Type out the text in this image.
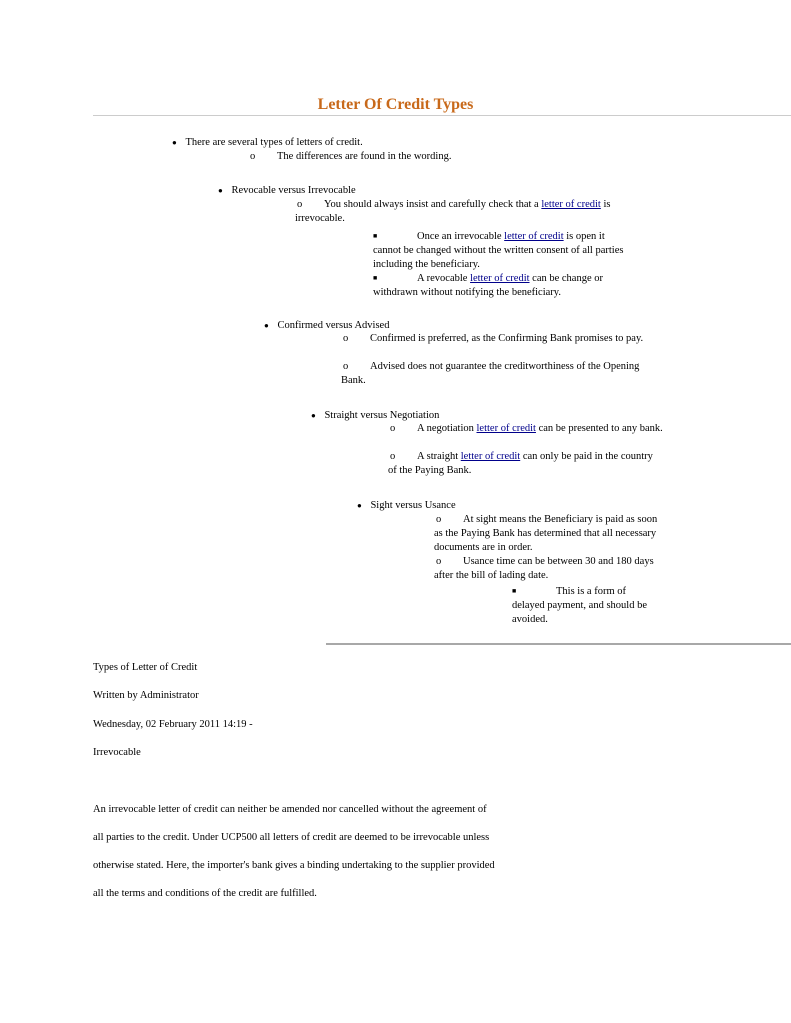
Letter Of Credit Types
● There are several types of letters of credit.
o The differences are found in the wording.
● Revocable versus Irrevocable
o You should always insist and carefully check that a letter of credit is irrevocable.
■	Once an irrevocable letter of credit is open it cannot be changed without the written consent of all parties including the beneficiary.
■	A revocable letter of credit can be change or withdrawn without notifying the beneficiary.
● Confirmed versus Advised
o Confirmed is preferred, as the Confirming Bank promises to pay.
o Advised does not guarantee the creditworthiness of the Opening Bank.
● Straight versus Negotiation
o A negotiation letter of credit can be presented to any bank.
o A straight letter of credit can only be paid in the country of the Paying Bank.
● Sight versus Usance
o At sight means the Beneficiary is paid as soon as the Paying Bank has determined that all necessary documents are in order.
o Usance time can be between 30 and 180 days after the bill of lading date.
■	This is a form of delayed payment, and should be avoided.
Types of Letter of Credit
Written by Administrator
Wednesday, 02 February 2011 14:19 -
Irrevocable
An irrevocable letter of credit can neither be amended nor cancelled without the agreement of
all parties to the credit. Under UCP500 all letters of credit are deemed to be irrevocable unless
otherwise stated. Here, the importer's bank gives a binding undertaking to the supplier provided
all the terms and conditions of the credit are fulfilled.
